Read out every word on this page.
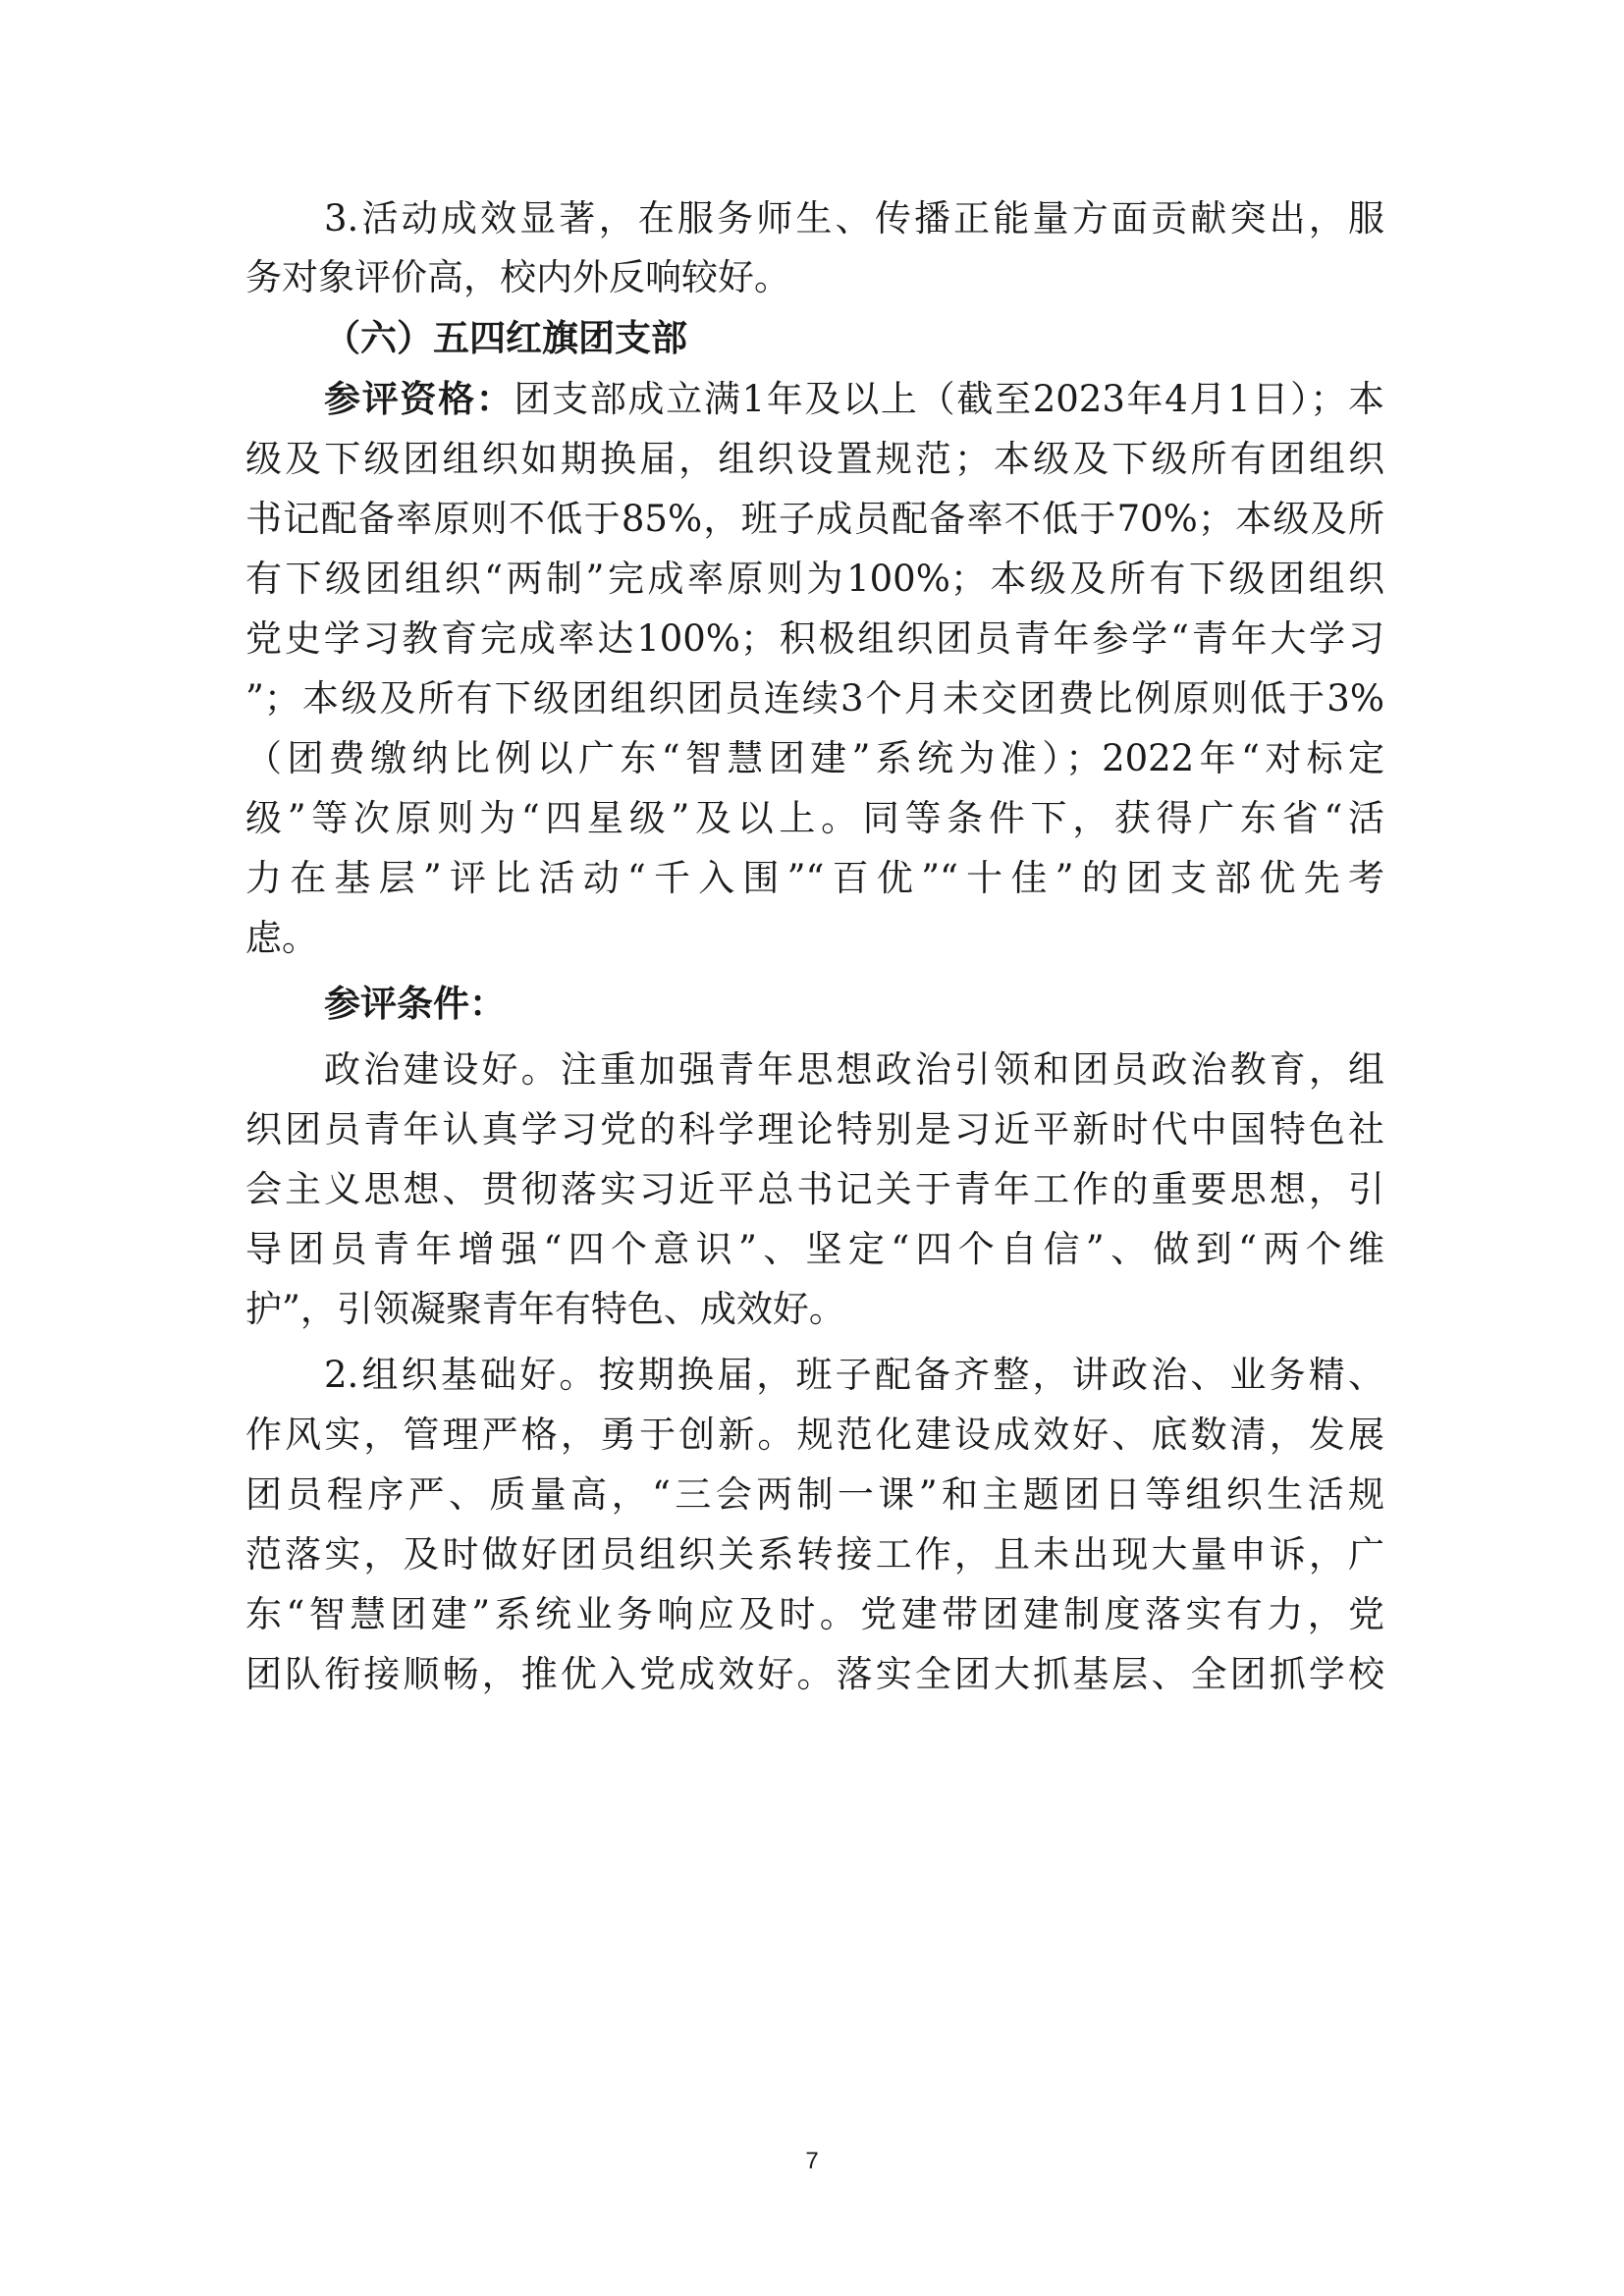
3.活动成效显著，在服务师生、传播正能量方面贡献突出，服
务对象评价高，校内外反响较好。
（六）五四红旗团支部
参评资格：团支部成立满1年及以上（截至2023年4月1日）；本
级及下级团组织如期换届，组织设置规范；本级及下级所有团组织
书记配备率原则不低于85%，班子成员配备率不低于70%；本级及所
有下级团组织“两制”完成率原则为100%；本级及所有下级团组织
党史学习教育完成率达100%；积极组织团员青年参学“青年大学习
”；本级及所有下级团组织团员连续3个月未交团费比例原则低于3%
（团费缴纳比例以广东“智慧团建”系统为准）；2022年“对标定
级”等次原则为“四星级”及以上。同等条件下，获得广东省“活
力在基层”评比活动“千入围”“百优”“十佳”的团支部优先考
虑。
参评条件：
政治建设好。注重加强青年思想政治引领和团员政治教育，组
织团员青年认真学习党的科学理论特别是习近平新时代中国特色社
会主义思想、贯彻落实习近平总书记关于青年工作的重要思想，引
导团员青年增强“四个意识”、坚定“四个自信”、做到“两个维
护”，引领凝聚青年有特色、成效好。
2.组织基础好。按期换届，班子配备齐整，讲政治、业务精、
作风实，管理严格，勇于创新。规范化建设成效好、底数清，发展
团员程序严、质量高，“三会两制一课”和主题团日等组织生活规
范落实，及时做好团员组织关系转接工作，且未出现大量申诉，广
东“智慧团建”系统业务响应及时。党建带团建制度落实有力，党
团队衔接顺畅，推优入党成效好。落实全团大抓基层、全团抓学校
7
